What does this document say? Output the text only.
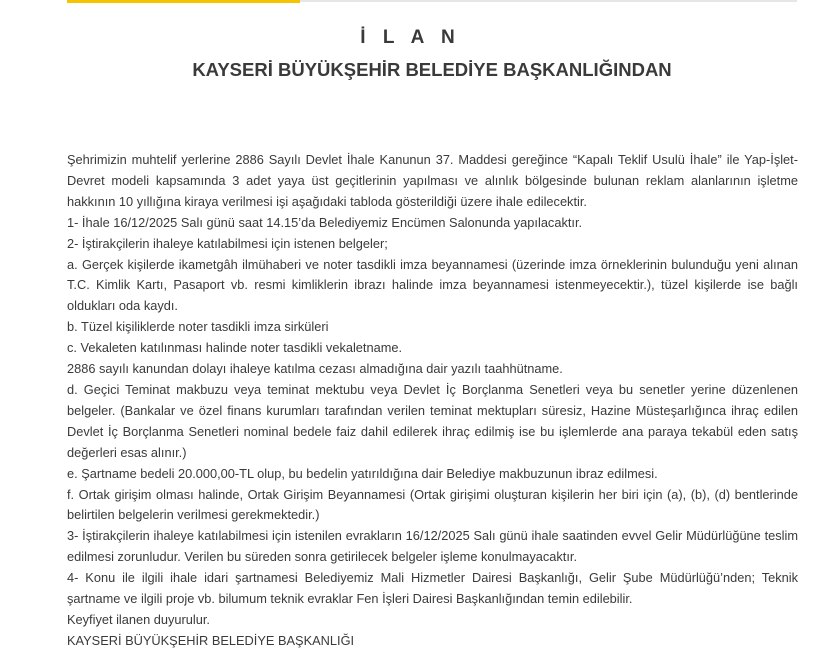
İ L A N
KAYSERİ BÜYÜKŞEHİR BELEDİYE BAŞKANLIĞINDAN

Şehrimizin muhtelif yerlerine 2886 Sayılı Devlet İhale Kanunun 37. Maddesi gereğince “Kapalı Teklif Usulü İhale” ile Yap-İşlet-Devret modeli kapsamında 3 adet yaya üst geçitlerinin yapılması ve alınlık bölgesinde bulunan reklam alanlarının işletme hakkının 10 yıllığına kiraya verilmesi işi aşağıdaki tabloda gösterildiği üzere ihale edilecektir.

1- İhale 16/12/2025 Salı günü saat 14.15’da Belediyemiz Encümen Salonunda yapılacaktır.

2- İştirakçilerin ihaleye katılabilmesi için istenen belgeler;

a. Gerçek kişilerde ikametgâh ilmühaberi ve noter tasdikli imza beyannamesi (üzerinde imza örneklerinin bulunduğu yeni alınan T.C. Kimlik Kartı, Pasaport vb. resmi kimliklerin ibrazı halinde imza beyannamesi istenmeyecektir.), tüzel kişilerde ise bağlı oldukları oda kaydı.

b. Tüzel kişiliklerde noter tasdikli imza sirküleri

c. Vekaleten katılınması halinde noter tasdikli vekaletname.

2886 sayılı kanundan dolayı ihaleye katılma cezası almadığına dair yazılı taahhütname.

d. Geçici Teminat makbuzu veya teminat mektubu veya Devlet İç Borçlanma Senetleri veya bu senetler yerine düzenlenen belgeler. (Bankalar ve özel finans kurumları tarafından verilen teminat mektupları süresiz, Hazine Müsteşarlığınca ihraç edilen Devlet İç Borçlanma Senetleri nominal bedele faiz dahil edilerek ihraç edilmiş ise bu işlemlerde ana paraya tekabül eden satış değerleri esas alınır.)

e. Şartname bedeli 20.000,00-TL olup, bu bedelin yatırıldığına dair Belediye makbuzunun ibraz edilmesi.

f. Ortak girişim olması halinde, Ortak Girişim Beyannamesi (Ortak girişimi oluşturan kişilerin her biri için (a), (b), (d) bentlerinde belirtilen belgelerin verilmesi gerekmektedir.)

3- İştirakçilerin ihaleye katılabilmesi için istenilen evrakların 16/12/2025 Salı günü ihale saatinden evvel Gelir Müdürlüğüne teslim edilmesi zorunludur. Verilen bu süreden sonra getirilecek belgeler işleme konulmayacaktır.

4- Konu ile ilgili ihale idari şartnamesi Belediyemiz Mali Hizmetler Dairesi Başkanlığı, Gelir Şube Müdürlüğü’nden; Teknik şartname ve ilgili proje vb. bilumum teknik evraklar Fen İşleri Dairesi Başkanlığından temin edilebilir.

Keyfiyet ilanen duyurulur.

KAYSERİ BÜYÜKŞEHİR BELEDİYE BAŞKANLIĞI
